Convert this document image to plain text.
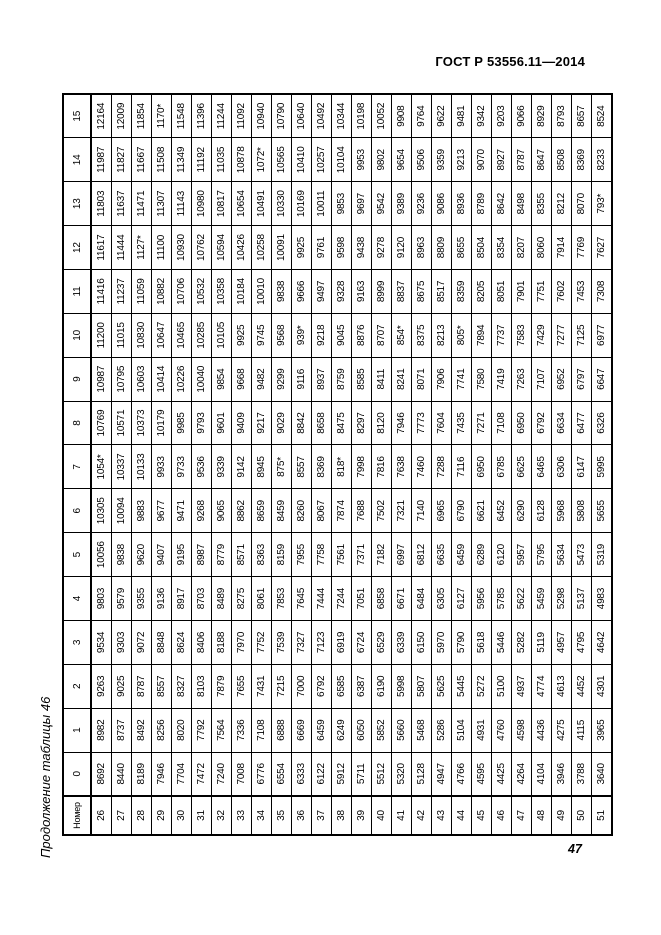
ГОСТ Р 53556.11—2014
Продолжение таблицы 46 Номер	0	1	2	3	4	5	6	7	8	9	10	11	12	13	14	15
26	8692	8982	9263	9534	9803	10056	10305	1054*	10769	10987	11200	11416	11617	11803	11987	12164
27	8440	8737	9025	9303	9579	9838	10094	10337	10571	10795	11015	11237	11444	11637	11827	12009
28	8189	8492	8787	9072	9355	9620	9883	10133	10373	10603	10830	11059	1127*	11471	11667	11854
29	7946	8256	8557	8848	9136	9407	9677	9933	10179	10414	10647	10882	11100	11307	11508	1170*
30	7704	8020	8327	8624	8917	9195	9471	9733	9985	10226	10465	10706	10930	11143	11349	11548
31	7472	7792	8103	8406	8703	8987	9268	9536	9793	10040	10285	10532	10762	10980	11192	11396
32	7240	7564	7879	8188	8489	8779	9065	9339	9601	9854	10105	10358	10594	10817	11035	11244
33	7008	7336	7655	7970	8275	8571	8862	9142	9409	9668	9925	10184	10426	10654	10878	11092
34	6776	7108	7431	7752	8061	8363	8659	8945	9217	9482	9745	10010	10258	10491	1072*	10940
35	6554	6888	7215	7539	7853	8159	8459	875*	9029	9299	9568	9838	10091	10330	10565	10790
36	6333	6669	7000	7327	7645	7955	8260	8557	8842	9116	939*	9666	9925	10169	10410	10640
37	6122	6459	6792	7123	7444	7758	8067	8369	8658	8937	9218	9497	9761	10011	10257	10492
38	5912	6249	6585	6919	7244	7561	7874	818*	8475	8759	9045	9328	9598	9853	10104	10344
39	5711	6050	6387	6724	7051	7371	7688	7998	8297	8585	8876	9163	9438	9697	9953	10198
40	5512	5852	6190	6529	6858	7182	7502	7816	8120	8411	8707	8999	9278	9542	9802	10052
41	5320	5660	5998	6339	6671	6997	7321	7638	7946	8241	854*	8837	9120	9389	9654	9908
42	5128	5468	5807	6150	6484	6812	7140	7460	7773	8071	8375	8675	8963	9236	9506	9764
43	4947	5286	5625	5970	6305	6635	6965	7288	7604	7906	8213	8517	8809	9086	9359	9622
44	4766	5104	5445	5790	6127	6459	6790	7116	7435	7741	805*	8359	8655	8936	9213	9481
45	4595	4931	5272	5618	5956	6289	6621	6950	7271	7580	7894	8205	8504	8789	9070	9342
46	4425	4760	5100	5446	5785	6120	6452	6785	7108	7419	7737	8051	8354	8642	8927	9203
47	4264	4598	4937	5282	5622	5957	6290	6625	6950	7263	7583	7901	8207	8498	8787	9066
48	4104	4436	4774	5119	5459	5795	6128	6465	6792	7107	7429	7751	8060	8355	8647	8929
49	3946	4275	4613	4957	5298	5634	5968	6306	6634	6952	7277	7602	7914	8212	8508	8793
50	3788	4115	4452	4795	5137	5473	5808	6147	6477	6797	7125	7453	7769	8070	8369	8657
51	3640	3965	4301	4642	4983	5319	5655	5995	6326	6647	6977	7308	7627	793*	8233	8524
47
